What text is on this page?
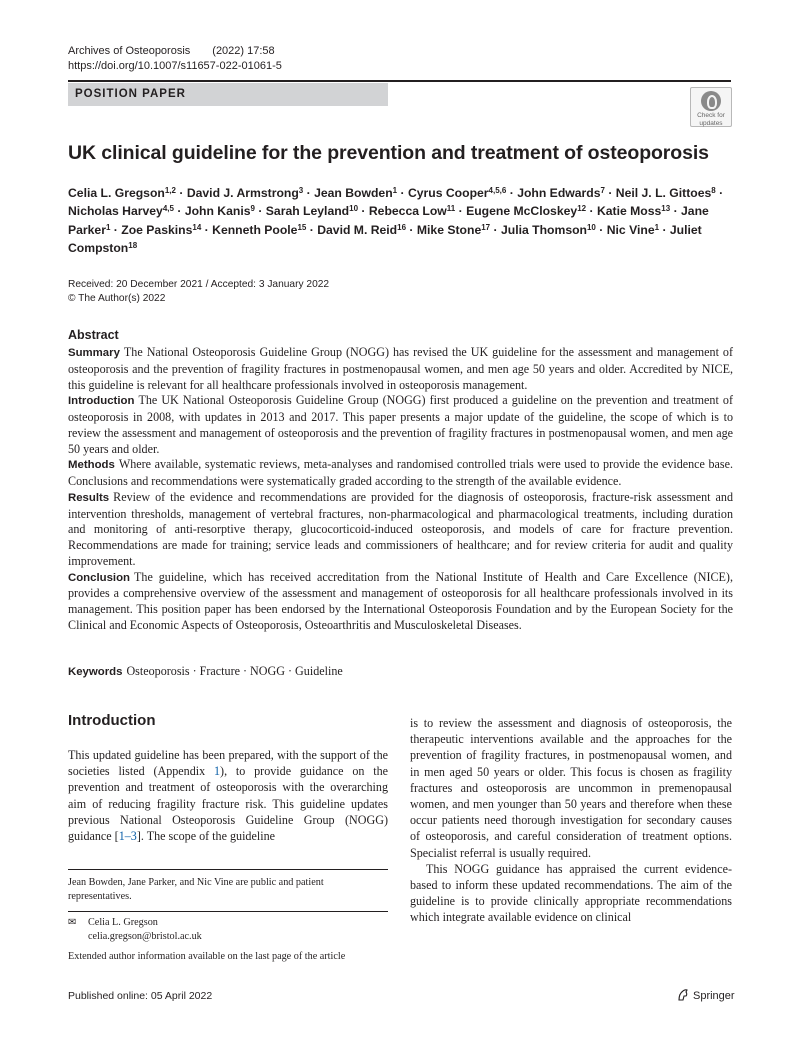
Archives of Osteoporosis (2022) 17:58
https://doi.org/10.1007/s11657-022-01061-5
POSITION PAPER
Check for
updates
UK clinical guideline for the prevention and treatment of osteoporosis
Celia L. Gregson$^{1,2}$ · David J. Armstrong$^3$ · Jean Bowden$^1$ · Cyrus Cooper$^{4,5,6}$ · John Edwards$^7$ · Neil J. L. Gittoes$^8$ · Nicholas Harvey$^{4,5}$ · John Kanis$^9$ · Sarah Leyland$^{10}$ · Rebecca Low$^{11}$ · Eugene McCloskey$^{12}$ · Katie Moss$^{13}$ · Jane Parker$^1$ · Zoe Paskins$^{14}$ · Kenneth Poole$^{15}$ · David M. Reid$^{16}$ · Mike Stone$^{17}$ · Julia Thomson$^{10}$ · Nic Vine$^1$ · Juliet Compston$^{18}$
Received: 20 December 2021 / Accepted: 3 January 2022
© The Author(s) 2022
Abstract

Summary The National Osteoporosis Guideline Group (NOGG) has revised the UK guideline for the assessment and management of osteoporosis and the prevention of fragility fractures in postmenopausal women, and men age 50 years and older. Accredited by NICE, this guideline is relevant for all healthcare professionals involved in osteoporosis management.

Introduction The UK National Osteoporosis Guideline Group (NOGG) first produced a guideline on the prevention and treatment of osteoporosis in 2008, with updates in 2013 and 2017. This paper presents a major update of the guideline, the scope of which is to review the assessment and management of osteoporosis and the prevention of fragility fractures in postmenopausal women, and men age 50 years and older.

Methods Where available, systematic reviews, meta-analyses and randomised controlled trials were used to provide the evidence base. Conclusions and recommendations were systematically graded according to the strength of the available evidence.

Results Review of the evidence and recommendations are provided for the diagnosis of osteoporosis, fracture-risk assessment and intervention thresholds, management of vertebral fractures, non-pharmacological and pharmacological treatments, including duration and monitoring of anti-resorptive therapy, glucocorticoid-induced osteoporosis, and models of care for fracture prevention. Recommendations are made for training; service leads and commissioners of healthcare; and for review criteria for audit and quality improvement.

Conclusion The guideline, which has received accreditation from the National Institute of Health and Care Excellence (NICE), provides a comprehensive overview of the assessment and management of osteoporosis for all healthcare professionals involved in its management. This position paper has been endorsed by the International Osteoporosis Foundation and by the European Society for the Clinical and Economic Aspects of Osteoporosis, Osteoarthritis and Musculoskeletal Diseases.

Keywords Osteoporosis · Fracture · NOGG · Guideline
Introduction

This updated guideline has been prepared, with the support of the societies listed (Appendix 1), to provide guidance on the prevention and treatment of osteoporosis with the overarching aim of reducing fragility fracture risk. This guideline updates previous National Osteoporosis Guideline Group (NOGG) guidance [1–3]. The scope of the guideline

is to review the assessment and diagnosis of osteoporosis, the therapeutic interventions available and the approaches for the prevention of fragility fractures, in postmenopausal women, and in men aged 50 years or older. This focus is chosen as fragility fractures and osteoporosis are uncommon in premenopausal women, and men younger than 50 years and therefore when these occur patients need thorough investigation for secondary causes of osteoporosis, and careful consideration of treatment options. Specialist referral is usually required.

This NOGG guidance has appraised the current evidence-based to inform these updated recommendations. The aim of the guideline is to provide clinically appropriate recommendations which integrate available evidence on clinical

Jean Bowden, Jane Parker, and Nic Vine are public and patient representatives.
✉ Celia L. Gregson
celia.gregson@bristol.ac.uk
Extended author information available on the last page of the article
Published online: 05 April 2022	Springer
